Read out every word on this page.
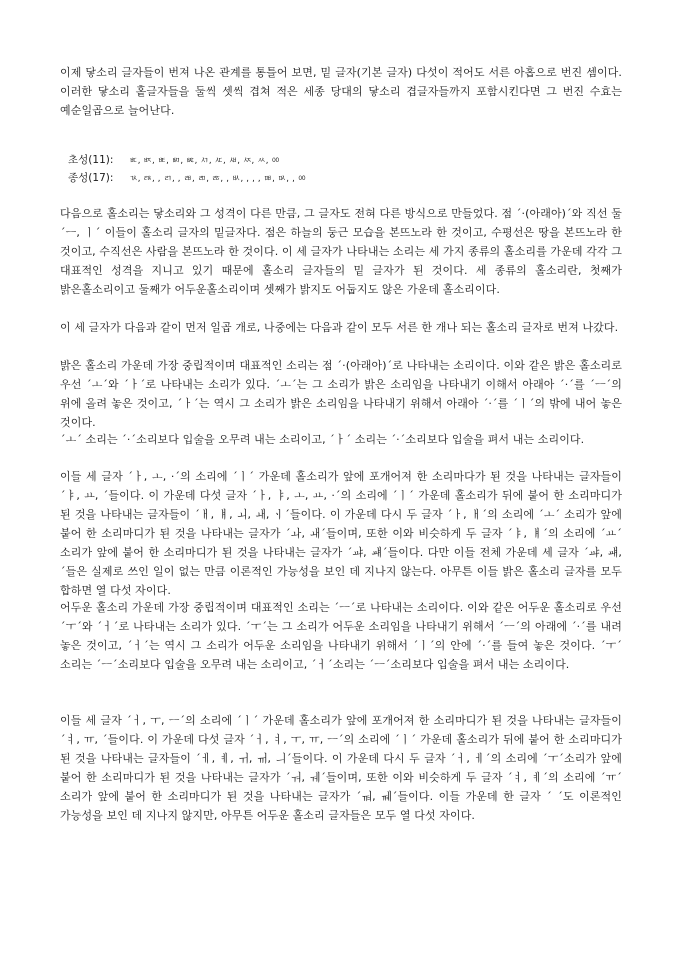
이제 닿소리 글자들이 번져 나온 관계를 통틀어 보면, 밑 글자(기본 글자) 다섯이 적어도 서른 아홉으로 번진 셈이다. 이러한 닿소리 홑글자들을 둘씩 셋씩 겹쳐 적은 세종 당대의 닿소리 겹글자들까지 포함시킨다면 그 번진 수효는 예순일곱으로 늘어난다.

초성(11): ㅳ, ㅶ, ㅷ, ㅴ, ㅵ, ㅺ, ㅼ, ㅽ, ㅾ, ㅆ, ㆀ
종성(17): ㄳ, ㅩ, , ㄺ, , ㄼ, ㄻ, ㅀ, , ㅄ, , , , ㅮ, ㅯ, , ㆀ

다음으로 홀소리는 닿소리와 그 성격이 다른 만큼, 그 글자도 전혀 다른 방식으로 만들었다. 점 ´·(아래아)´와 직선 둘 ´ㅡ, ㅣ´ 이들이 홀소리 글자의 밑글자다. 점은 하늘의 둥근 모습을 본뜨노라 한 것이고, 수평선은 땅을 본뜨노라 한 것이고, 수직선은 사람을 본뜨노라 한 것이다. 이 세 글자가 나타내는 소리는 세 가지 종류의 홀소리를 가운데 각각 그 대표적인 성격을 지니고 있기 때문에 홀소리 글자들의 밑 글자가 된 것이다. 세 종류의 홀소리란, 첫째가 밝은홀소리이고 둘째가 어두운홀소리이며 셋째가 밝지도 어둡지도 않은 가운데 홀소리이다.

이 세 글자가 다음과 같이 먼저 일곱 개로, 나중에는 다음과 같이 모두 서른 한 개나 되는 홀소리 글자로 번져 나갔다.

밝은 홀소리 가운데 가장 중립적이며 대표적인 소리는 점 ´·(아래아)´로 나타내는 소리이다. 이와 같은 밝은 홀소리로 우선 ´ㅗ´와 ´ㅏ´로 나타내는 소리가 있다. ´ㅗ´는 그 소리가 밝은 소리임을 나타내기 이해서 아래아 ´·´를 ´ㅡ´의 위에 올려 놓은 것이고, ´ㅏ´는 역시 그 소리가 밝은 소리임을 나타내기 위해서 아래아 ´·´를 ´ㅣ´의 밖에 내어 놓은 것이다.

´ㅗ´ 소리는 ´·´소리보다 입술을 오무려 내는 소리이고, ´ㅏ´ 소리는 ´·´소리보다 입술을 펴서 내는 소리이다.

이들 세 글자 ´ㅏ, ㅗ, ·´의 소리에 ´ㅣ´ 가운데 홀소리가 앞에 포개어져 한 소리마다가 된 것을 나타내는 글자들이 ´ㅑ, ㅛ, ´들이다. 이 가운데 다섯 글자 ´ㅏ, ㅑ, ㅗ, ㅛ, ·´의 소리에 ´ㅣ´ 가운데 홀소리가 뒤에 붙어 한 소리마디가 된 것을 나타내는 글자들이 ´ㅐ, ㅒ, ㅚ, ㅙ, ㆎ´들이다. 이 가운데 다시 두 글자 ´ㅏ, ㅐ´의 소리에 ´ㅗ´ 소리가 앞에 붙어 한 소리마디가 된 것을 나타내는 글자가 ´ㅘ, ㅙ´들이며, 또한 이와 비슷하게 두 글자 ´ㅑ, ㅒ´의 소리에 ´ㅛ´ 소리가 앞에 붙어 한 소리마디가 된 것을 나타내는 글자가 ´ㆇ, ㆈ´들이다. 다만 이들 전체 가운데 세 글자 ´ㆇ, ㆈ, ´들은 실제로 쓰인 일이 없는 만큼 이론적인 가능성을 보인 데 지나지 않는다. 아무튼 이들 밝은 홀소리 글자를 모두 합하면 열 다섯 자이다.

어두운 홀소리 가운데 가장 중립적이며 대표적인 소리는 ´ㅡ´로 나타내는 소리이다. 이와 같은 어두운 홀소리로 우선 ´ㅜ´와 ´ㅓ´로 나타내는 소리가 있다. ´ㅜ´는 그 소리가 어두운 소리임을 나타내기 위해서 ´ㅡ´의 아래에 ´·´를 내려 놓은 것이고, ´ㅓ´는 역시 그 소리가 어두운 소리임을 나타내기 위해서 ´ㅣ´의 안에 ´·´를 들여 놓은 것이다. ´ㅜ´ 소리는 ´ㅡ´소리보다 입술을 오무려 내는 소리이고, ´ㅓ´소리는 ´ㅡ´소리보다 입술을 펴서 내는 소리이다.

이들 세 글자 ´ㅓ, ㅜ, ㅡ´의 소리에 ´ㅣ´ 가운데 홀소리가 앞에 포개어져 한 소리마디가 된 것을 나타내는 글자들이 ´ㅕ, ㅠ, ´들이다. 이 가운데 다섯 글자 ´ㅓ, ㅕ, ㅜ, ㅠ, ㅡ´의 소리에 ´ㅣ´ 가운데 홀소리가 뒤에 붙어 한 소리마디가 된 것을 나타내는 글자들이 ´ㅔ, ㅖ, ㅟ, ㆌ, ㅢ´들이다. 이 가운데 다시 두 글자 ´ㅓ, ㅔ´의 소리에 ´ㅜ´소리가 앞에 붙어 한 소리마디가 된 것을 나타내는 글자가 ´ㅝ, ㅞ´들이며, 또한 이와 비슷하게 두 글자 ´ㅕ, ㅖ´의 소리에 ´ㅠ´ 소리가 앞에 붙어 한 소리마디가 된 것을 나타내는 글자가 ´ㆊ, ㆋ´들이다. 이들 가운데 한 글자 ´ ´도 이론적인 가능성을 보인 데 지나지 않지만, 아무튼 어두운 홀소리 글자들은 모두 열 다섯 자이다.
